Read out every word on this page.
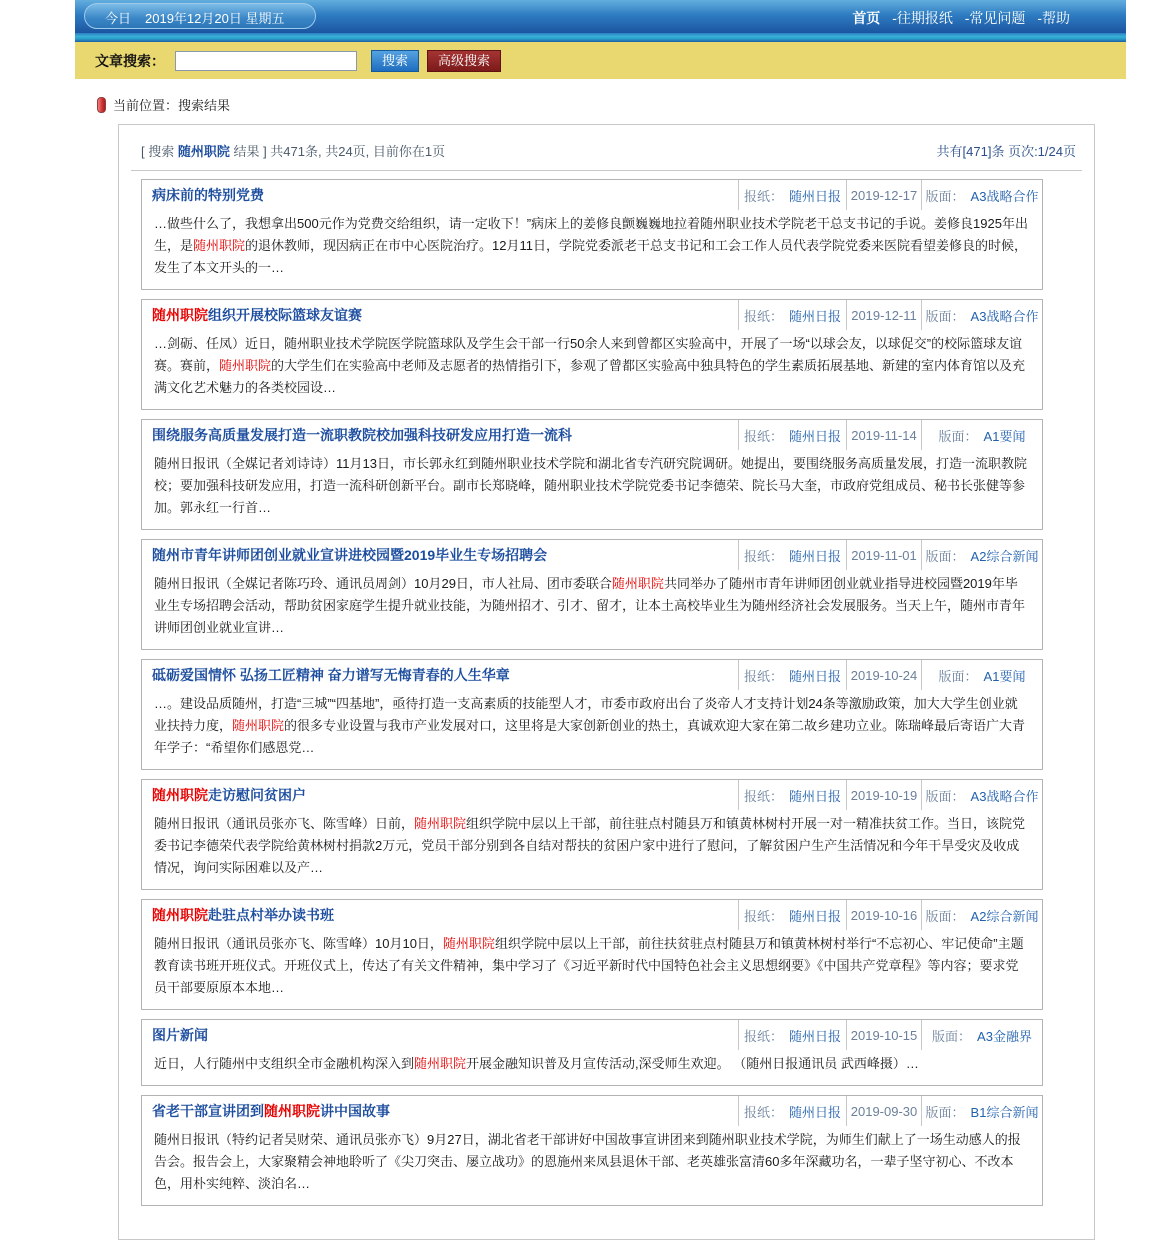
今日 2019年12月20日 星期五	首页 -往期报纸 -常见问题 -帮助
文章搜索：	搜索	高级搜索
当前位置：搜索结果
[ 搜索 随州职院 结果 ] 共471条, 共24页, 目前你在1页	共有[471]条 页次:1/24页
病床前的特别党费	报纸： 随州日报 2019-12-17 版面： A3战略合作
…做些什么了，我想拿出500元作为党费交给组织，请一定收下！”病床上的姜修良颤巍巍地拉着随州职业技术学院老干总支书记的手说。姜修良1925年出生，是随州职院的退休教师，现因病正在市中心医院治疗。12月11日，学院党委派老干总支书记和工会工作人员代表学院党委来医院看望姜修良的时候，发生了本文开头的一…
随州职院 组织开展校际篮球友谊赛	报纸： 随州日报 2019-12-11 版面： A3战略合作
…剑砺、任凤）近日，随州职业技术学院医学院篮球队及学生会干部一行50余人来到曾都区实验高中，开展了一场“以球会友，以球促交”的校际篮球友谊赛。赛前，随州职院的大学生们在实验高中老师及志愿者的热情指引下，参观了曾都区实验高中独具特色的学生素质拓展基地、新建的室内体育馆以及充满文化艺术魅力的各类校园设…
围绕服务高质量发展打造一流职教院校加强科技研发应用打造一流科	报纸： 随州日报 2019-11-14	版面： A1要闻
随州日报讯（全媒记者刘诗诗）11月13日，市长郭永红到随州职业技术学院和湖北省专汽研究院调研。她提出，要围绕服务高质量发展，打造一流职教院校；要加强科技研发应用，打造一流科研创新平台。副市长郑晓峰，随州职业技术学院党委书记李德荣、院长马大奎，市政府党组成员、秘书长张健等参加。郭永红一行首…
随州市青年讲师团创业就业宣讲进校园暨2019毕业生专场招聘会	报纸： 随州日报 2019-11-01 版面： A2综合新闻
随州日报讯（全媒记者陈巧玲、通讯员周剑）10月29日，市人社局、团市委联合随州职院共同举办了随州市青年讲师团创业就业指导进校园暨2019年毕业生专场招聘会活动，帮助贫困家庭学生提升就业技能，为随州招才、引才、留才，让本土高校毕业生为随州经济社会发展服务。当天上午，随州市青年讲师团创业就业宣讲…
砥砺爱国情怀 弘扬工匠精神 奋力谱写无悔青春的人生华章	报纸： 随州日报 2019-10-24 版面： A1要闻
…。建设品质随州，打造“三城”“四基地”，亟待打造一支高素质的技能型人才，市委市政府出台了炎帝人才支持计划24条等激励政策，加大大学生创业就业扶持力度，随州职院的很多专业设置与我市产业发展对口，这里将是大家创新创业的热土，真诚欢迎大家在第二故乡建功立业。陈瑞峰最后寄语广大青年学子：“希望你们感恩党…
随州职院 走访慰问贫困户	报纸： 随州日报 2019-10-19 版面： A3战略合作
随州日报讯（通讯员张亦飞、陈雪峰）日前，随州职院组织学院中层以上干部，前往驻点村随县万和镇黄林树村开展一对一精准扶贫工作。当日，该院党委书记李德荣代表学院给黄林树村捐款2万元，党员干部分别到各自结对帮扶的贫困户家中进行了慰问，了解贫困户生产生活情况和今年干旱受灾及收成情况，询问实际困难以及产…
随州职院 赴驻点村举办读书班	报纸： 随州日报 2019-10-16 版面： A2综合新闻
随州日报讯（通讯员张亦飞、陈雪峰）10月10日，随州职院组织学院中层以上干部，前往扶贫驻点村随县万和镇黄林树村举行“不忘初心、牢记使命”主题教育读书班开班仪式。开班仪式上，传达了有关文件精神，集中学习了《习近平新时代中国特色社会主义思想纲要》《中国共产党章程》等内容；要求党员干部要原原本本地…
图片新闻	报纸： 随州日报 2019-10-15 版面： A3金融界
近日，人行随州中支组织全市金融机构深入到随州职院开展金融知识普及月宣传活动,深受师生欢迎。 （随州日报通讯员 武西峰摄）…
省老干部宣讲团到 随州职院 讲中国故事	报纸： 随州日报 2019-09-30 版面： B1综合新闻
随州日报讯（特约记者吴财荣、通讯员张亦飞）9月27日，湖北省老干部讲好中国故事宣讲团来到随州职业技术学院，为师生们献上了一场生动感人的报告会。报告会上，大家聚精会神地聆听了《尖刀突击、屡立战功》的恩施州来凤县退休干部、老英雄张富清60多年深藏功名，一辈子坚守初心、不改本色，用朴实纯粹、淡泊名…
